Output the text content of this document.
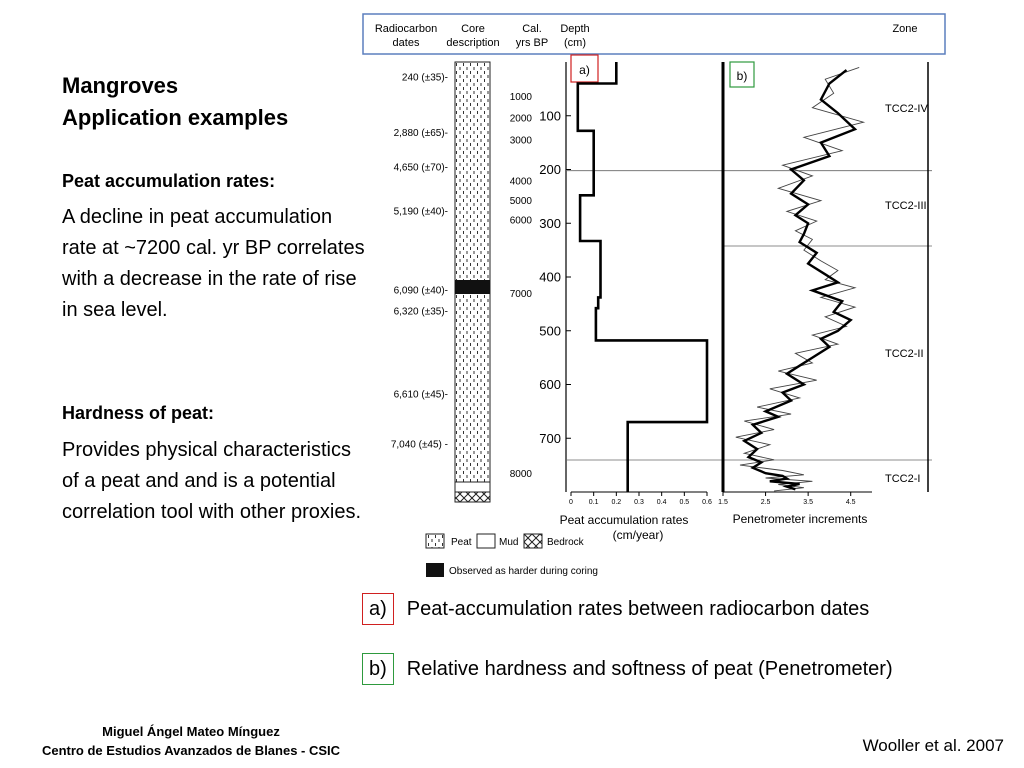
Mangroves
Application examples
Peat accumulation rates:
A decline in peat accumulation rate at ~7200 cal. yr BP correlates with a decrease in the rate of rise in sea level.
Hardness of peat:
Provides physical characteristics of a peat and and is a potential correlation tool with other proxies.
Radiocarbon
dates
Core
description
Cal.
yrs BP
Depth
(cm)
Zone
240 (±35)-
2,880 (±65)-
4,650 (±70)-
5,190 (±40)-
6,090 (±40)-
6,320 (±35)-
6,610 (±45)-
7,040 (±45) -
1000
2000
3000
4000
5000
6000
7000
8000
100
200
300
400
500
600
700
a)
0 0.1 0.2 0.3 0.4 0.5 0.6
Peat accumulation rates
(cm/year)
b)
1.5	2.5	3.5	4.5
Penetrometer increments
TCC2-IV
TCC2-III
TCC2-II
TCC2-I
Peat	Mud	Bedrock
Observed as harder during coring
a)	Peat-accumulation rates between radiocarbon dates
b)	Relative hardness and softness of peat (Penetrometer)
Miguel Ángel Mateo Mínguez
Centro de Estudios Avanzados de Blanes - CSIC	Wooller et al. 2007
